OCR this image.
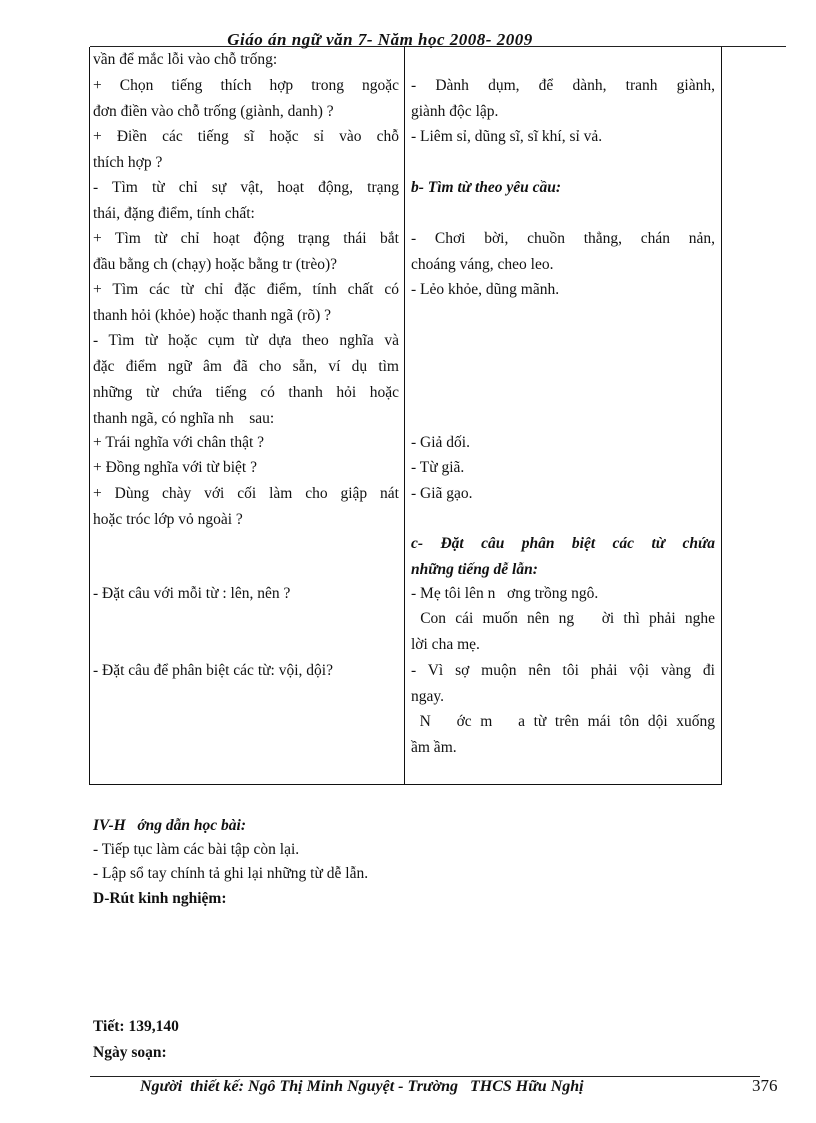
Giáo án ngữ văn 7- Năm học 2008- 2009
vần để mắc lỗi vào chỗ trống:
+ Chọn tiếng thích hợp trong ngoặc
đơn điền vào chỗ trống (giành, danh) ?
+ Điền các tiếng sĩ hoặc sỉ vào chỗ
thích hợp ?
- Tìm từ chỉ sự vật, hoạt động, trạng
thái, đặng điểm, tính chất:
+ Tìm từ chỉ hoạt động trạng thái bắt
đầu bằng ch (chạy) hoặc bằng tr (trèo)?
+ Tìm các từ chỉ đặc điểm, tính chất có
thanh hỏi (khỏe) hoặc thanh ngã (rõ) ?
- Tìm từ hoặc cụm từ dựa theo nghĩa và
đặc điểm ngữ âm đã cho sẵn, ví dụ tìm
những từ chứa tiếng có thanh hỏi hoặc
thanh ngã, có nghĩa nh    sau:
+ Trái nghĩa với chân thật ?
+ Đồng nghĩa với từ biệt ?
+ Dùng chày với cối làm cho giập nát
hoặc tróc lớp vỏ ngoài ?
- Đặt câu với mỗi từ : lên, nên ?
- Đặt câu để phân biệt các từ: vội, dội?
- Dành dụm, để dành, tranh giành,
giành độc lập.
- Liêm sỉ, dũng sĩ, sĩ khí, sỉ vả.
b- Tìm từ theo yêu cầu:
- Chơi bời, chuồn thẳng, chán nản,
choáng váng, cheo leo.
- Lẻo khỏe, dũng mãnh.
- Giả dối.
- Từ giã.
- Giã gạo.
c- Đặt câu phân biệt các từ chứa
những tiếng dễ lẫn:
- Mẹ tôi lên n   ơng trồng ngô.
Con cái muốn nên ng   ời thì phải nghe
lời cha mẹ.
- Vì sợ muộn nên tôi phải vội vàng đi
ngay.
N   ớc m   a từ trên mái tôn dội xuống
ầm ầm.
IV-H   ớng dẫn học bài:
- Tiếp tục làm các bài tập còn lại.
- Lập sổ tay chính tả ghi lại những từ dễ lẫn.
D-Rút kinh nghiệm:
Tiết: 139,140
Ngày soạn:
Người  thiết kế: Ngô Thị Minh Nguyệt - Trường   THCS Hữu Nghị	376
